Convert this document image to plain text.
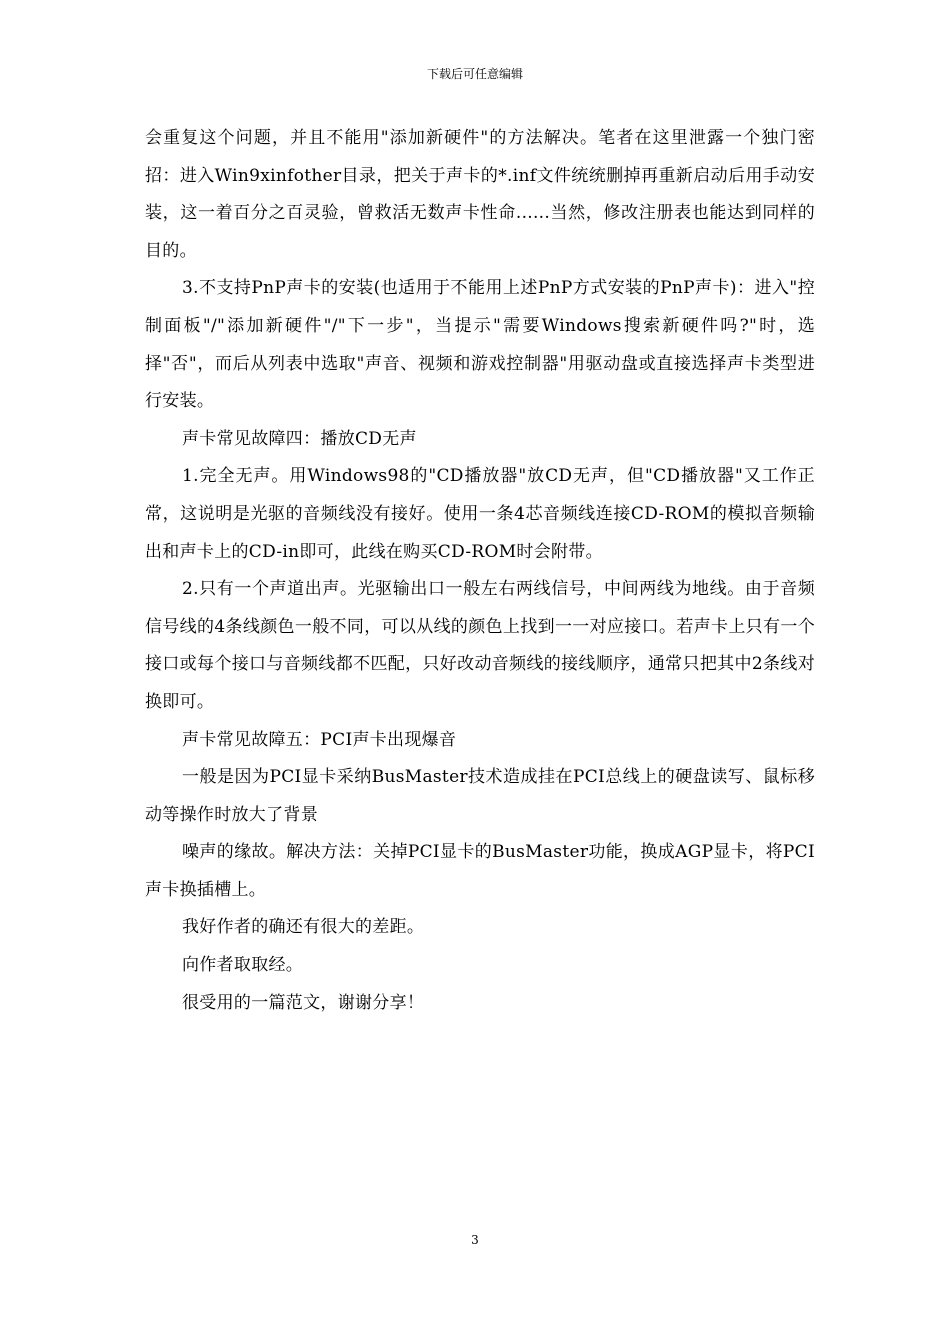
下载后可任意编辑

会重复这个问题，并且不能用"添加新硬件"的方法解决。笔者在这里泄露一个独门密招：进入Win9xinfother目录，把关于声卡的*.inf文件统统删掉再重新启动后用手动安装，这一着百分之百灵验，曾救活无数声卡性命......当然，修改注册表也能达到同样的目的。

3.不支持PnP声卡的安装(也适用于不能用上述PnP方式安装的PnP声卡)：进入"控制面板"/"添加新硬件"/"下一步"，当提示"需要Windows搜索新硬件吗?"时，选择"否"，而后从列表中选取"声音、视频和游戏控制器"用驱动盘或直接选择声卡类型进行安装。

声卡常见故障四：播放CD无声

1.完全无声。用Windows98的"CD播放器"放CD无声，但"CD播放器"又工作正常，这说明是光驱的音频线没有接好。使用一条4芯音频线连接CD-ROM的模拟音频输出和声卡上的CD-in即可，此线在购买CD-ROM时会附带。

2.只有一个声道出声。光驱输出口一般左右两线信号，中间两线为地线。由于音频信号线的4条线颜色一般不同，可以从线的颜色上找到一一对应接口。若声卡上只有一个接口或每个接口与音频线都不匹配，只好改动音频线的接线顺序，通常只把其中2条线对换即可。

声卡常见故障五：PCI声卡出现爆音

一般是因为PCI显卡采纳BusMaster技术造成挂在PCI总线上的硬盘读写、鼠标移动等操作时放大了背景

噪声的缘故。解决方法：关掉PCI显卡的BusMaster功能，换成AGP显卡，将PCI声卡换插槽上。

我好作者的确还有很大的差距。

向作者取取经。

很受用的一篇范文，谢谢分享！

3
